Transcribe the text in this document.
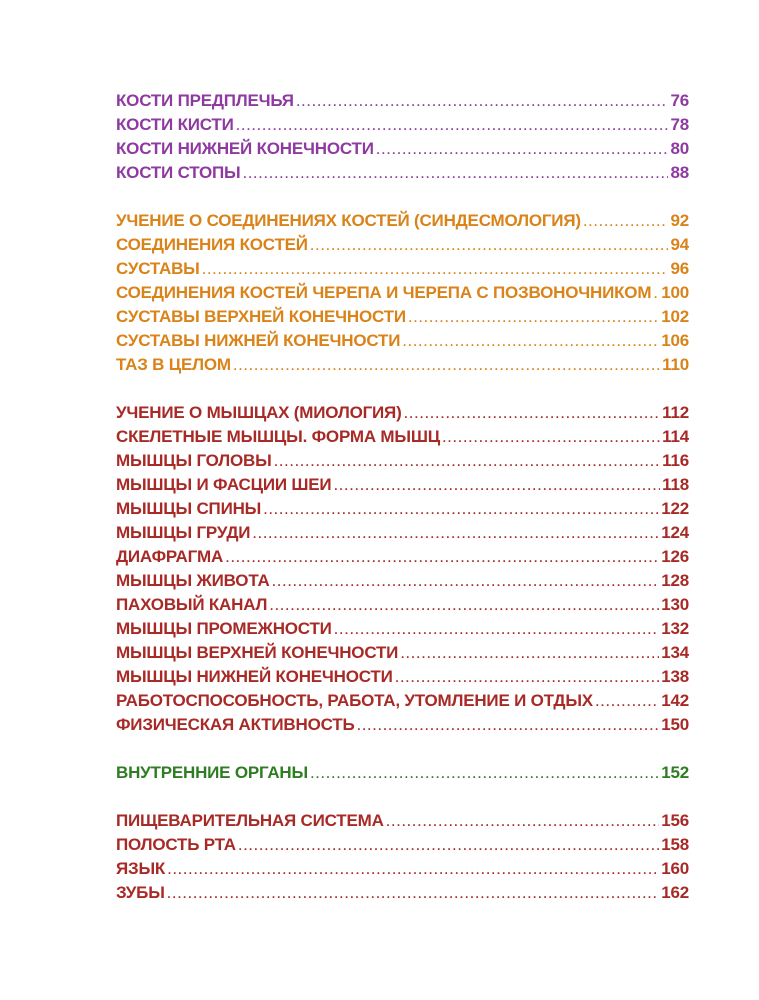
КОСТИ ПРЕДПЛЕЧЬЯ .....	76
КОСТИ КИСТИ .....	78
КОСТИ НИЖНЕЙ КОНЕЧНОСТИ .....	80
КОСТИ СТОПЫ .....	88
УЧЕНИЕ О СОЕДИНЕНИЯХ КОСТЕЙ (СИНДЕСМОЛОГИЯ) .....	92
СОЕДИНЕНИЯ КОСТЕЙ .....	94
СУСТАВЫ .....	96
СОЕДИНЕНИЯ КОСТЕЙ ЧЕРЕПА И ЧЕРЕПА С ПОЗВОНОЧНИКОМ ..... 100
СУСТАВЫ ВЕРХНЕЙ КОНЕЧНОСТИ .....	102
СУСТАВЫ НИЖНЕЙ КОНЕЧНОСТИ .....	106
ТАЗ В ЦЕЛОМ .....	110
УЧЕНИЕ О МЫШЦАХ (МИОЛОГИЯ) .....	112
СКЕЛЕТНЫЕ МЫШЦЫ. ФОРМА МЫШЦ .....	114
МЫШЦЫ ГОЛОВЫ .....	116
МЫШЦЫ И ФАСЦИИ ШЕИ .....	118
МЫШЦЫ СПИНЫ .....	122
МЫШЦЫ ГРУДИ .....	124
ДИАФРАГМА .....	126
МЫШЦЫ ЖИВОТА .....	128
ПАХОВЫЙ КАНАЛ .....	130
МЫШЦЫ ПРОМЕЖНОСТИ .....	132
МЫШЦЫ ВЕРХНЕЙ КОНЕЧНОСТИ .....	134
МЫШЦЫ НИЖНЕЙ КОНЕЧНОСТИ .....	138
РАБОТОСПОСОБНОСТЬ, РАБОТА, УТОМЛЕНИЕ И ОТДЫХ .....	142
ФИЗИЧЕСКАЯ АКТИВНОСТЬ .....	150
ВНУТРЕННИЕ ОРГАНЫ .....	152
ПИЩЕВАРИТЕЛЬНАЯ СИСТЕМА .....	156
ПОЛОСТЬ РТА .....	158
ЯЗЫК .....	160
ЗУБЫ .....	162
